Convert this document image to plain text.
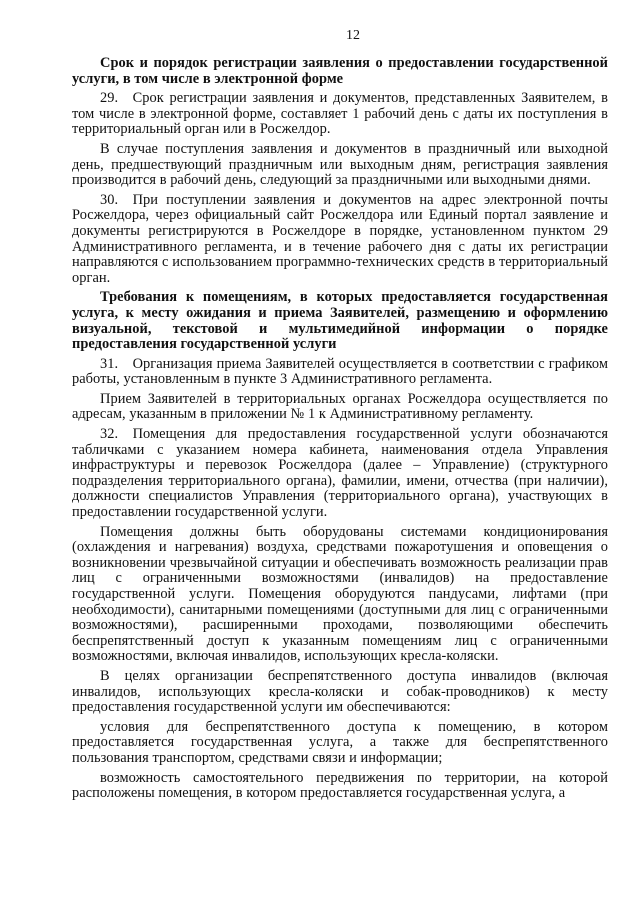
12

Срок и порядок регистрации заявления о предоставлении государственной услуги, в том числе в электронной форме

29. Срок регистрации заявления и документов, представленных Заявителем, в том числе в электронной форме, составляет 1 рабочий день с даты их поступления в территориальный орган или в Росжелдор.

В случае поступления заявления и документов в праздничный или выходной день, предшествующий праздничным или выходным дням, регистрация заявления производится в рабочий день, следующий за праздничными или выходными днями.

30. При поступлении заявления и документов на адрес электронной почты Росжелдора, через официальный сайт Росжелдора или Единый портал заявление и документы регистрируются в Росжелдоре в порядке, установленном пунктом 29 Административного регламента, и в течение рабочего дня с даты их регистрации направляются с использованием программно-технических средств в территориальный орган.

Требования к помещениям, в которых предоставляется государственная услуга, к месту ожидания и приема Заявителей, размещению и оформлению визуальной, текстовой и мультимедийной информации о порядке предоставления государственной услуги

31. Организация приема Заявителей осуществляется в соответствии с графиком работы, установленным в пункте 3 Административного регламента.

Прием Заявителей в территориальных органах Росжелдора осуществляется по адресам, указанным в приложении № 1 к Административному регламенту.

32. Помещения для предоставления государственной услуги обозначаются табличками с указанием номера кабинета, наименования отдела Управления инфраструктуры и перевозок Росжелдора (далее – Управление) (структурного подразделения территориального органа), фамилии, имени, отчества (при наличии), должности специалистов Управления (территориального органа), участвующих в предоставлении государственной услуги.

Помещения должны быть оборудованы системами кондиционирования (охлаждения и нагревания) воздуха, средствами пожаротушения и оповещения о возникновении чрезвычайной ситуации и обеспечивать возможность реализации прав лиц с ограниченными возможностями (инвалидов) на предоставление государственной услуги. Помещения оборудуются пандусами, лифтами (при необходимости), санитарными помещениями (доступными для лиц с ограниченными возможностями), расширенными проходами, позволяющими обеспечить беспрепятственный доступ к указанным помещениям лиц с ограниченными возможностями, включая инвалидов, использующих кресла-коляски.

В целях организации беспрепятственного доступа инвалидов (включая инвалидов, использующих кресла-коляски и собак-проводников) к месту предоставления государственной услуги им обеспечиваются:

условия для беспрепятственного доступа к помещению, в котором предоставляется государственная услуга, а также для беспрепятственного пользования транспортом, средствами связи и информации;

возможность самостоятельного передвижения по территории, на которой расположены помещения, в котором предоставляется государственная услуга, а
